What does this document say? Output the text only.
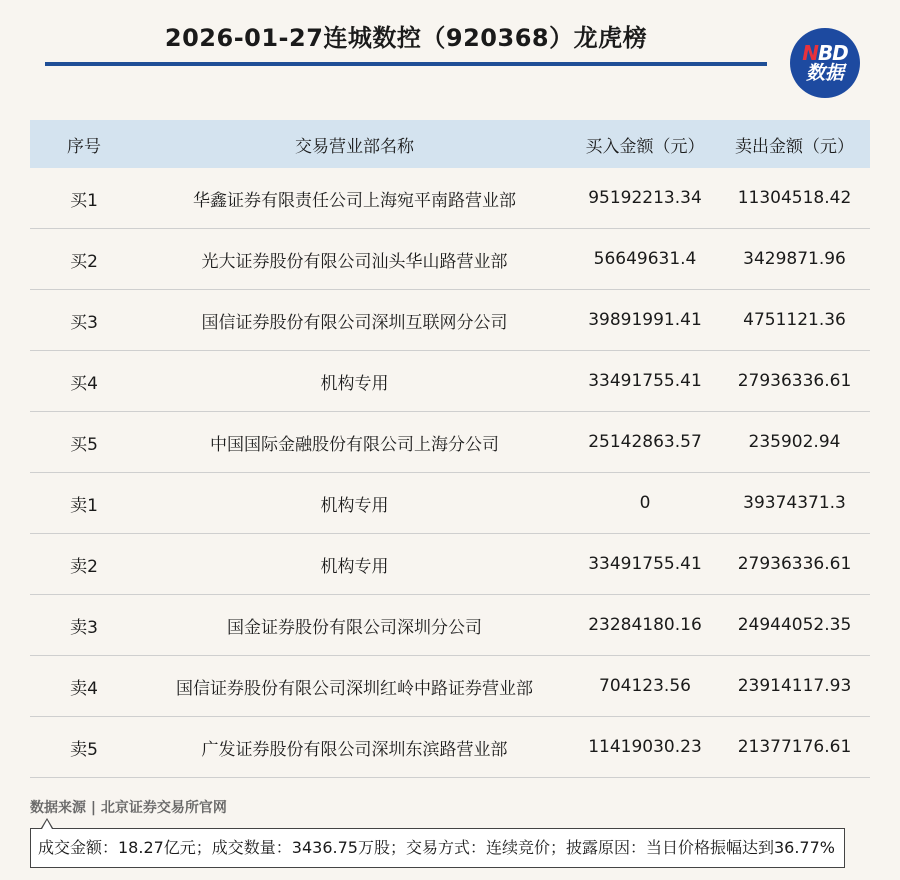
2026-01-27连城数控（920368）龙虎榜
NBD
数据
序号	交易营业部名称	买入金额（元）	卖出金额（元）
买1	华鑫证券有限责任公司上海宛平南路营业部	95192213.34	11304518.42
买2	光大证券股份有限公司汕头华山路营业部	56649631.4	3429871.96
买3	国信证券股份有限公司深圳互联网分公司	39891991.41	4751121.36
买4	机构专用	33491755.41	27936336.61
买5	中国国际金融股份有限公司上海分公司	25142863.57	235902.94
卖1	机构专用	0	39374371.3
卖2	机构专用	33491755.41	27936336.61
卖3	国金证券股份有限公司深圳分公司	23284180.16	24944052.35
卖4	国信证券股份有限公司深圳红岭中路证券营业部	704123.56	23914117.93
卖5	广发证券股份有限公司深圳东滨路营业部	11419030.23	21377176.61
数据来源 | 北京证券交易所官网
成交金额：18.27亿元；成交数量：3436.75万股；交易方式：连续竞价；披露原因：当日价格振幅达到36.77%
